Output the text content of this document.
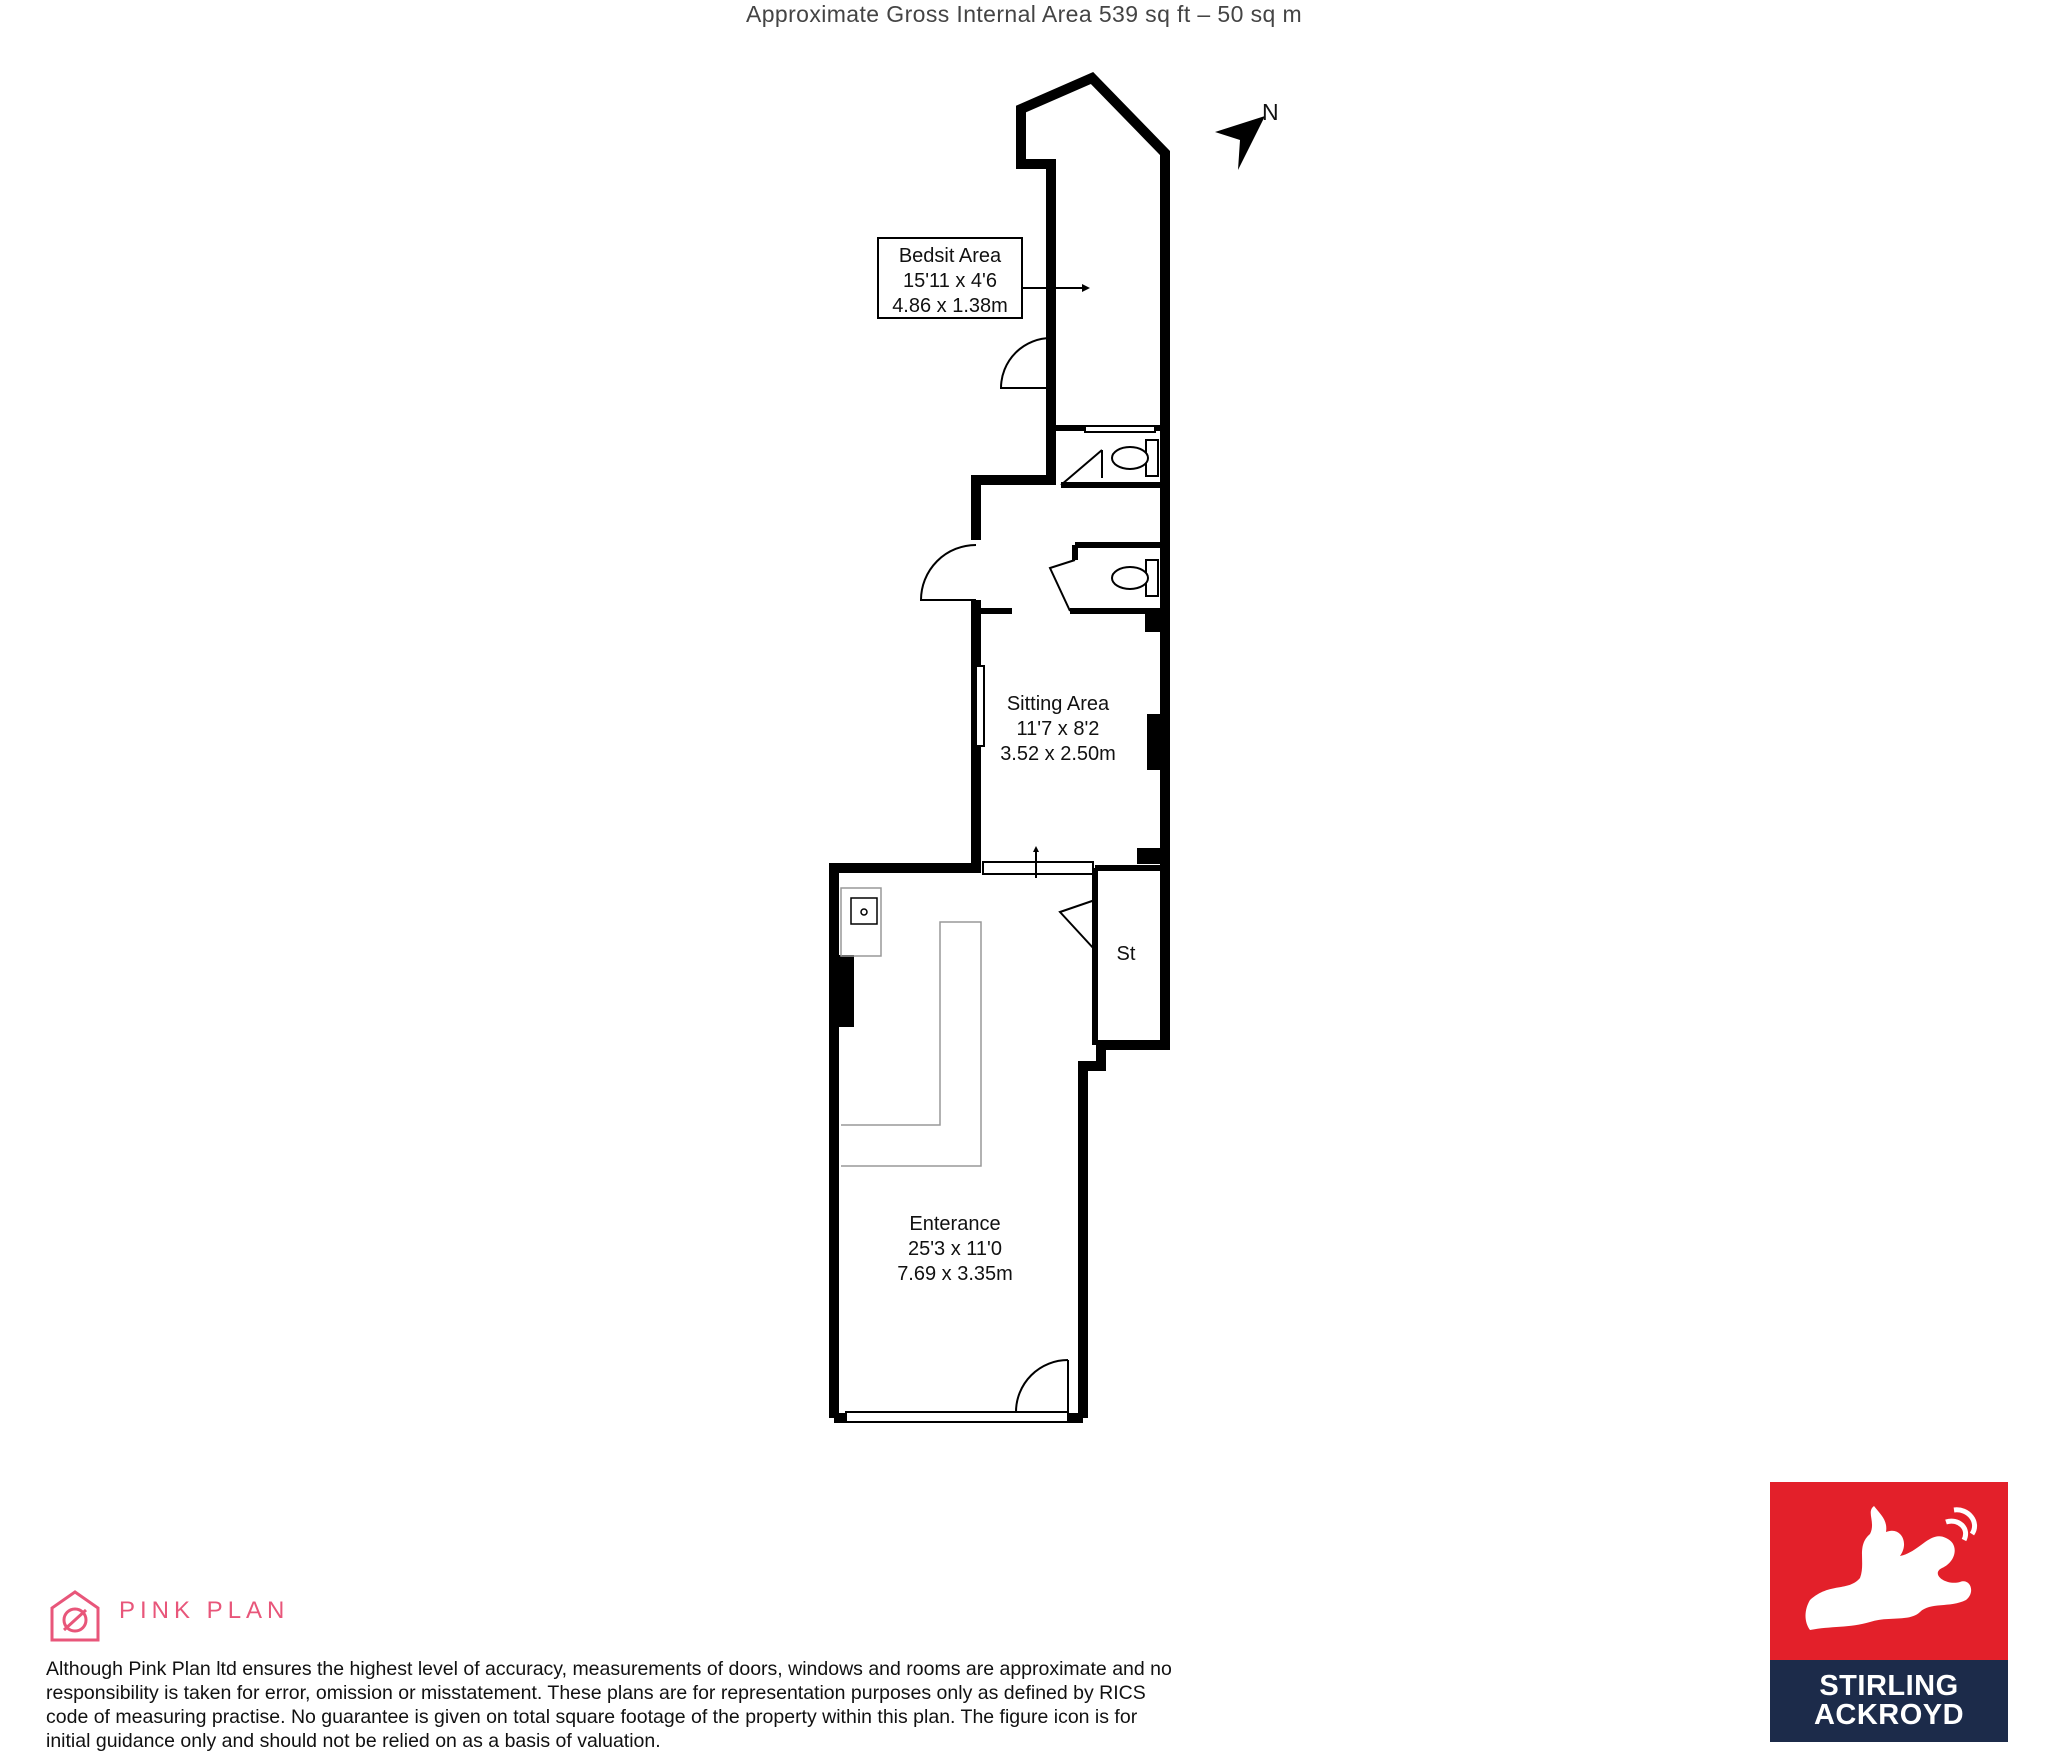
Approximate Gross Internal Area 539 sq ft – 50 sq m
N
Bedsit Area
15'11 x 4'6
4.86 x 1.38m
Sitting Area
11'7 x 8'2
3.52 x 2.50m
St
Enterance
25'3 x 11'0
7.69 x 3.35m
PINK PLAN
Although Pink Plan ltd ensures the highest level of accuracy, measurements of doors, windows and rooms are approximate and no responsibility is taken for error, omission or misstatement. These plans are for representation purposes only as defined by RICS code of measuring practise. No guarantee is given on total square footage of the property within this plan. The figure icon is for initial guidance only and should not be relied on as a basis of valuation.
STIRLING
ACKROYD
